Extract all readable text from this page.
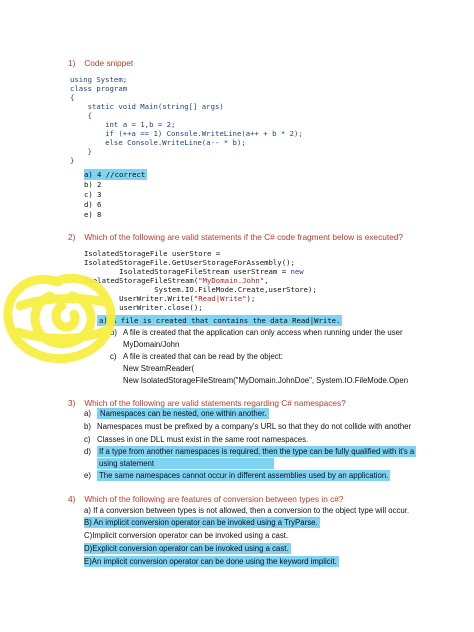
1) Code snippet
using System;
class program
{
static void Main(string[] args)
{
int a = 1,b = 2;
if (++a == 1) Console.WriteLine(a++ + b * 2);
else Console.WriteLine(a-- * b);
}
}
a) 4 //correct
b) 2
c) 3
d) 6
e) 8
2) Which of the following are valid statements if the C# code fragment below is executed?
IsolatedStorageFile userStore =
IsolatedStorageFile.GetUserStorageForAssembly();
IsolatedStorageFileStream userStream = new
IsolatedStorageFileStream("MyDomain.John",
System.IO.FileMode.Create,userStore);
UserWriter.Write("Read|Write");
userWriter.close();
a) A file is created that contains the data Read|Write.
b) A file is created that the application can only access when running under the user
MyDomain/John
c) A file is created that can be read by the object:
New StreamReader(
New IsolatedStorageFileStream("MyDomain.JohnDoe", System.IO.FileMode.Open
3) Which of the following are valid statements regarding C# namespaces?
a) Namespaces can be nested, one within another.
b) Namespaces must be prefixed by a company's URL so that they do not collide with another
c) Classes in one DLL must exist in the same root namespaces.
d) If a type from another namespaces is required, then the type can be fully qualified with it's a
using statement
e) The same namespaces cannot occur in different assemblies used by an application.
4) Which of the following are features of conversion between types in c#?
a) If a conversion between types is not allowed, then a conversion to the object type will occur.
B) An implicit conversion operator can be invoked using a TryParse.
C)Implicit conversion operator can be invoked using a cast.
D)Explicit conversion operator can be invoked using a cast.
E)An implicit conversion operator can be done using the keyword implicit.
